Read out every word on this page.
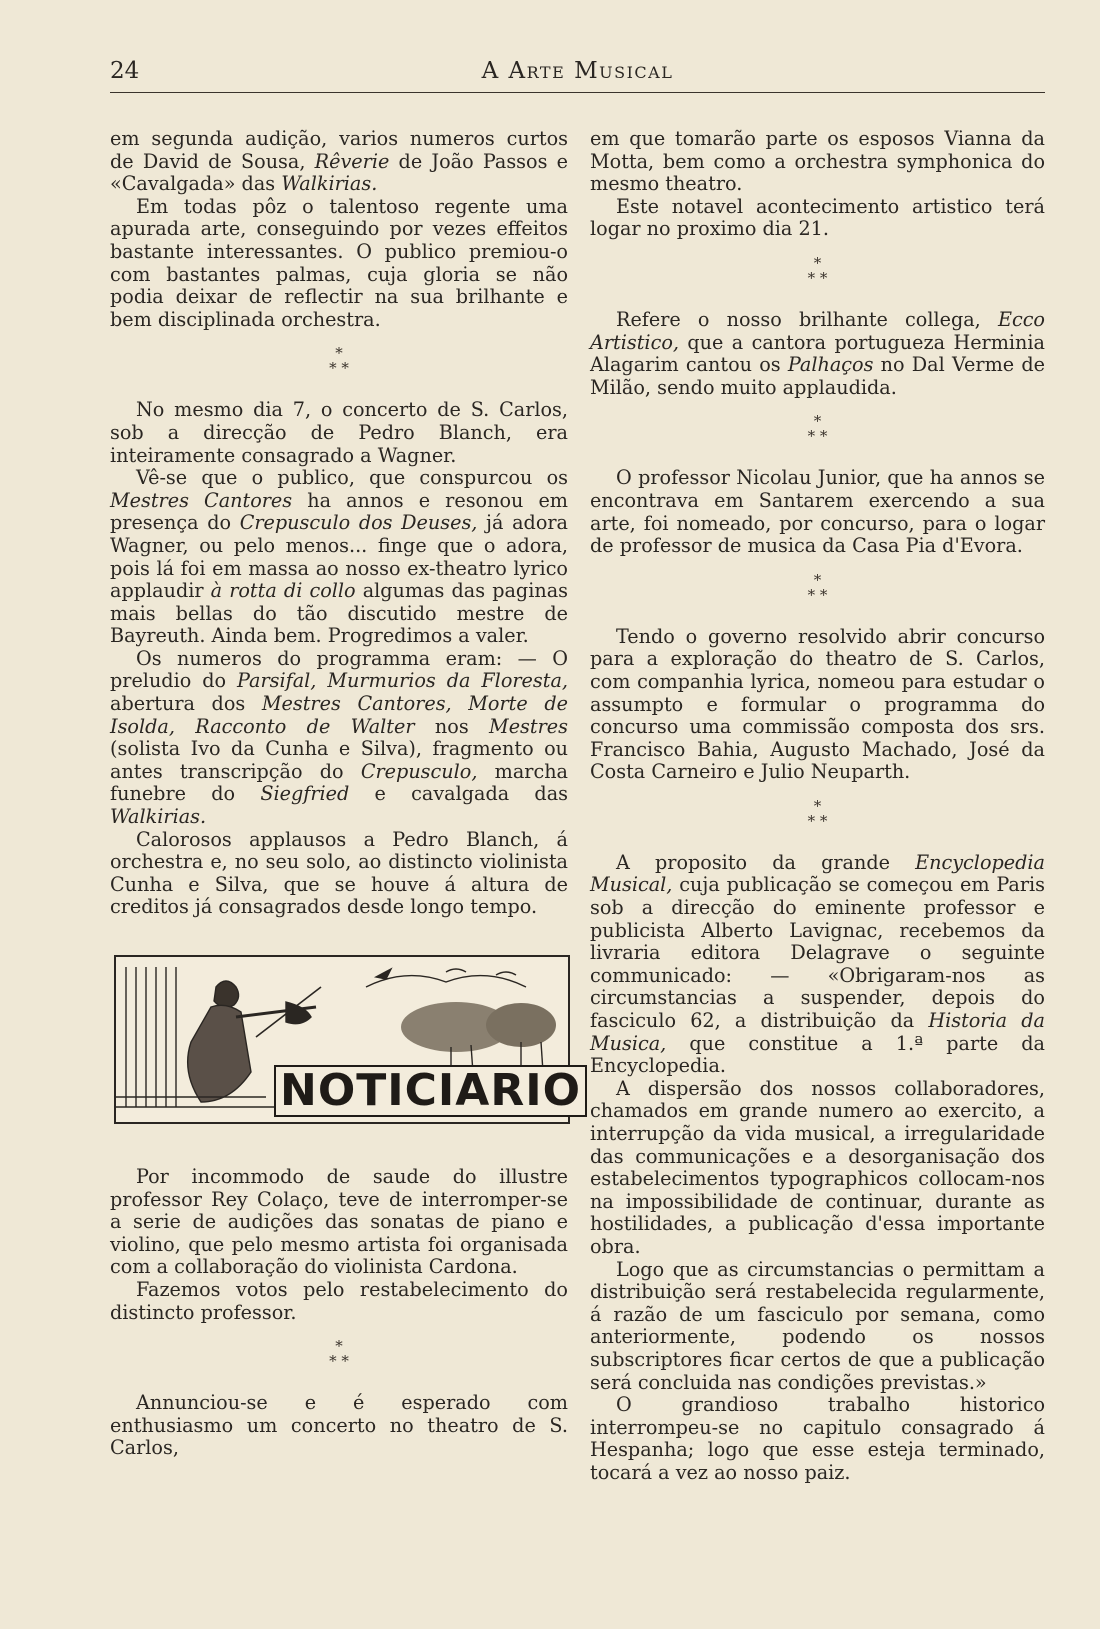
24	A Arte Musical

em segunda audição, varios numeros curtos de David de Sousa, Rêverie de João Passos e «Cavalgada» das Walkirias.

Em todas pôz o talentoso regente uma apurada arte, conseguindo por vezes effeitos bastante interessantes. O publico premiou-o com bastantes palmas, cuja gloria se não podia deixar de reflectir na sua brilhante e bem disciplinada orchestra.

*
* *

No mesmo dia 7, o concerto de S. Carlos, sob a direcção de Pedro Blanch, era inteiramente consagrado a Wagner.

Vê-se que o publico, que conspurcou os Mestres Cantores ha annos e resonou em presença do Crepusculo dos Deuses, já adora Wagner, ou pelo menos... finge que o adora, pois lá foi em massa ao nosso ex-theatro lyrico applaudir à rotta di collo algumas das paginas mais bellas do tão discutido mestre de Bayreuth. Ainda bem. Progredimos a valer.

Os numeros do programma eram: — O preludio do Parsifal, Murmurios da Floresta, abertura dos Mestres Cantores, Morte de Isolda, Racconto de Walter nos Mestres (solista Ivo da Cunha e Silva), fragmento ou antes transcripção do Crepusculo, marcha funebre do Siegfried e cavalgada das Walkirias.

Calorosos applausos a Pedro Blanch, á orchestra e, no seu solo, ao distincto violinista Cunha e Silva, que se houve á altura de creditos já consagrados desde longo tempo.

NOTICIARIO

Por incommodo de saude do illustre professor Rey Colaço, teve de interromper-se a serie de audições das sonatas de piano e violino, que pelo mesmo artista foi organisada com a collaboração do violinista Cardona.

Fazemos votos pelo restabelecimento do distincto professor.

*
* *

Annunciou-se e é esperado com enthusiasmo um concerto no theatro de S. Carlos,

em que tomarão parte os esposos Vianna da Motta, bem como a orchestra symphonica do mesmo theatro.

Este notavel acontecimento artistico terá logar no proximo dia 21.

*
* *

Refere o nosso brilhante collega, Ecco Artistico, que a cantora portugueza Herminia Alagarim cantou os Palhaços no Dal Verme de Milão, sendo muito applaudida.

*
* *

O professor Nicolau Junior, que ha annos se encontrava em Santarem exercendo a sua arte, foi nomeado, por concurso, para o logar de professor de musica da Casa Pia d'Evora.

*
* *

Tendo o governo resolvido abrir concurso para a exploração do theatro de S. Carlos, com companhia lyrica, nomeou para estudar o assumpto e formular o programma do concurso uma commissão composta dos srs. Francisco Bahia, Augusto Machado, José da Costa Carneiro e Julio Neuparth.

*
* *

A proposito da grande Encyclopedia Musical, cuja publicação se começou em Paris sob a direcção do eminente professor e publicista Alberto Lavignac, recebemos da livraria editora Delagrave o seguinte communicado: — «Obrigaram-nos as circumstancias a suspender, depois do fasciculo 62, a distribuição da Historia da Musica, que constitue a 1.ª parte da Encyclopedia.

A dispersão dos nossos collaboradores, chamados em grande numero ao exercito, a interrupção da vida musical, a irregularidade das communicações e a desorganisação dos estabelecimentos typographicos collocam-nos na impossibilidade de continuar, durante as hostilidades, a publicação d'essa importante obra.

Logo que as circumstancias o permittam a distribuição será restabelecida regularmente, á razão de um fasciculo por semana, como anteriormente, podendo os nossos subscriptores ficar certos de que a publicação será concluida nas condições previstas.»

O grandioso trabalho historico interrompeu-se no capitulo consagrado á Hespanha; logo que esse esteja terminado, tocará a vez ao nosso paiz.
